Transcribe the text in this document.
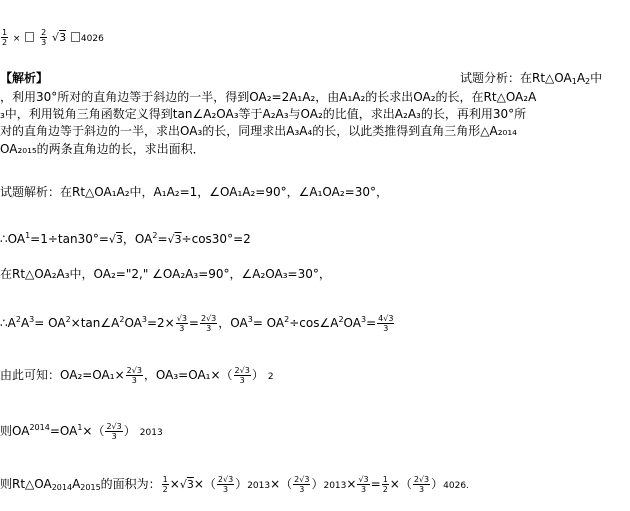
$\frac{1}{2} \times \frac{2}{3} √3$ 4026
【解析】	试题分析：在$Rt\triangle OA_1A_2$中
，利用30°所对的直角边等于斜边的一半，得到OA₂=2A₁A₂，由A₁A₂的长求出OA₂的长，在Rt△OA₂A
₃中，利用锐角三角函数定义得到tan∠A₂OA₃等于A₂A₃与OA₂的比值，求出A₂A₃的长，再利用30°所
对的直角边等于斜边的一半，求出OA₃的长，同理求出A₃A₄的长，以此类推得到直角三角形△A₂₀₁₄
OA₂₀₁₅的两条直角边的长，求出面积．
试题解析：在Rt△OA₁A₂中，A₁A₂=1，∠OA₁A₂=90°，∠A₁OA₂=30°，
$\therefore OA^1=1\div\tan 30^\circ=√3$，$OA^2=√3\div\cos 30^\circ=2$
在Rt△OA₂A₃中，OA₂="2," ∠OA₂A₃=90°，∠A₂OA₃=30°，
$\therefore A^2A^3=$ $OA^2\times\tan\angle A^2OA^3=2\times \frac{√3}{3} = \frac{2√3}{3}$ ，$OA^3=$ $OA^2\div\cos\angle A^2OA^3= \frac{4√3}{3}$
由此可知：$OA_2=OA_1\times \frac{2√3}{3}$ ，$OA_3=OA_1\times( \frac{2√3}{3}$ ） 2
则$OA^{2014}=OA^1\times( \frac{2√3}{3}$ ） 2013
则$Rt\triangle OA_{2014}A_{2015}$的面积为： $\frac{1}{2} \times√3\times( \frac{2√3}{3} )2013\times( \frac{2√3}{3} )2013\times \frac{√3}{3} = \frac{1}{2}$ ×（ $\frac{2√3}{3} )4026$.
